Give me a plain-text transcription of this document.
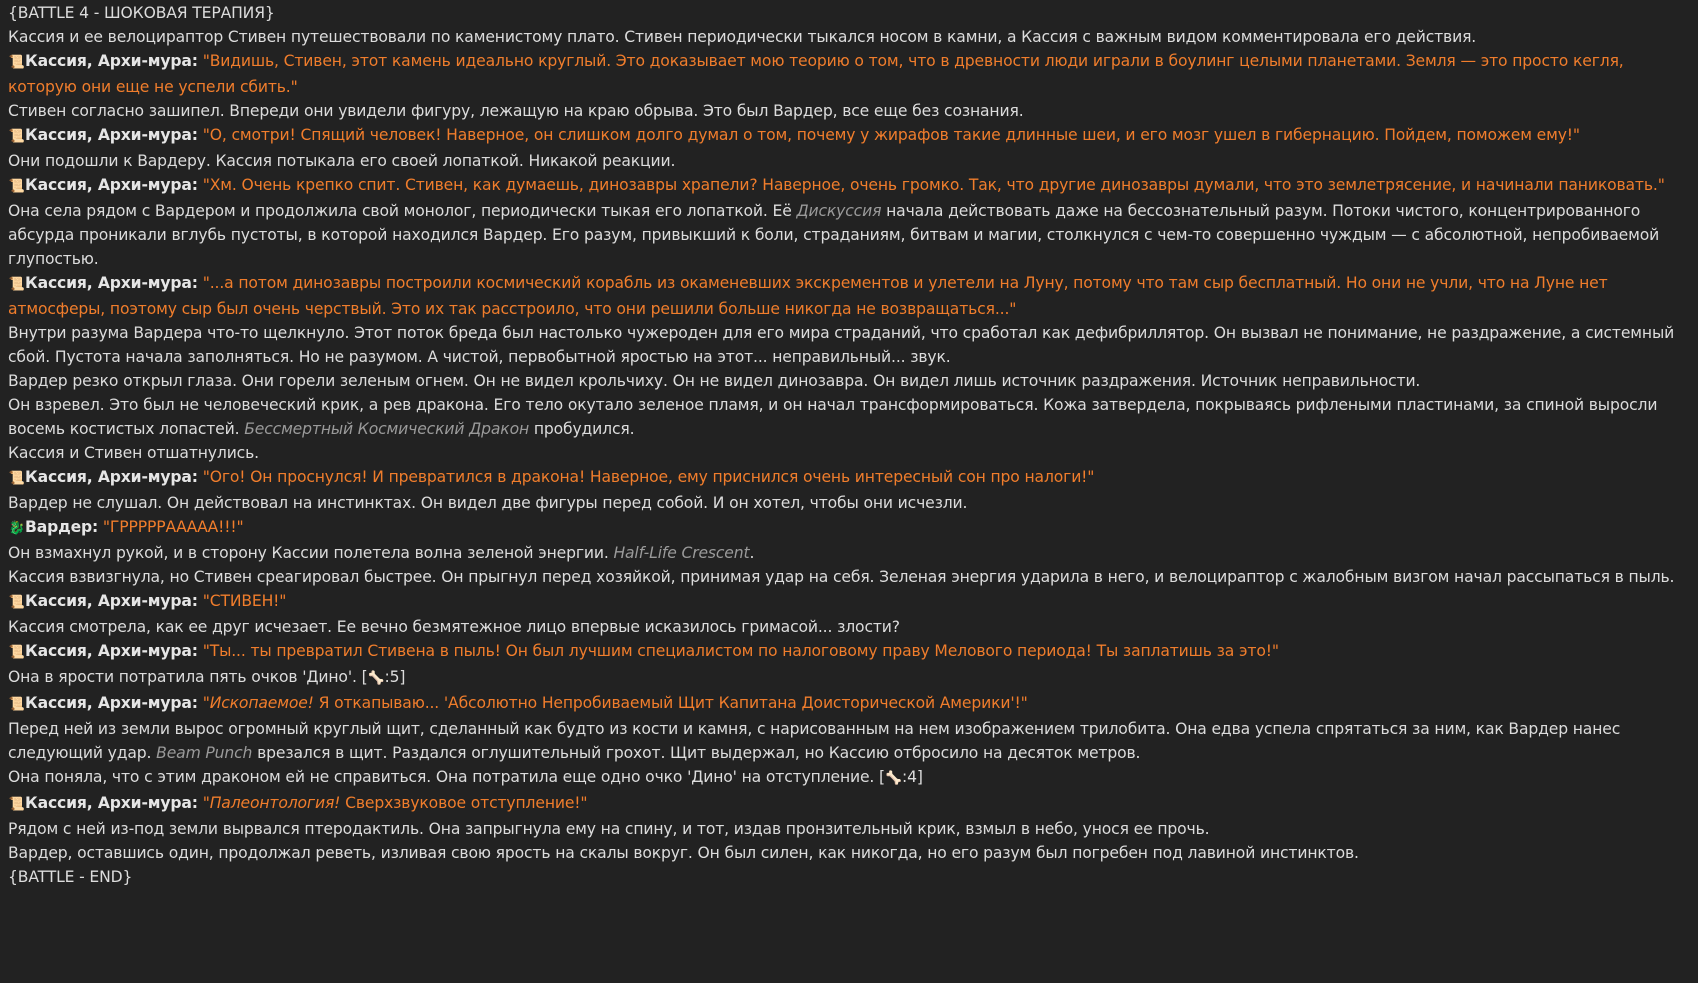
{BATTLE 4 - ШОКОВАЯ ТЕРАПИЯ}
Кассия и ее велоцираптор Стивен путешествовали по каменистому плато. Стивен периодически тыкался носом в камни, а Кассия с важным видом комментировала его действия.
📜Кассия, Архи-мура: "Видишь, Стивен, этот камень идеально круглый. Это доказывает мою теорию о том, что в древности люди играли в боулинг целыми планетами. Земля — это просто кегля, которую они еще не успели сбить."
Стивен согласно зашипел. Впереди они увидели фигуру, лежащую на краю обрыва. Это был Вардер, все еще без сознания.
📜Кассия, Архи-мура: "О, смотри! Спящий человек! Наверное, он слишком долго думал о том, почему у жирафов такие длинные шеи, и его мозг ушел в гибернацию. Пойдем, поможем ему!"
Они подошли к Вардеру. Кассия потыкала его своей лопаткой. Никакой реакции.
📜Кассия, Архи-мура: "Хм. Очень крепко спит. Стивен, как думаешь, динозавры храпели? Наверное, очень громко. Так, что другие динозавры думали, что это землетрясение, и начинали паниковать."
Она села рядом с Вардером и продолжила свой монолог, периодически тыкая его лопаткой. Её Дискуссия начала действовать даже на бессознательный разум. Потоки чистого, концентрированного абсурда проникали вглубь пустоты, в которой находился Вардер. Его разум, привыкший к боли, страданиям, битвам и магии, столкнулся с чем-то совершенно чуждым — с абсолютной, непробиваемой глупостью.
📜Кассия, Архи-мура: "...а потом динозавры построили космический корабль из окаменевших экскрементов и улетели на Луну, потому что там сыр бесплатный. Но они не учли, что на Луне нет атмосферы, поэтому сыр был очень черствый. Это их так расстроило, что они решили больше никогда не возвращаться..."
Внутри разума Вардера что-то щелкнуло. Этот поток бреда был настолько чужероден для его мира страданий, что сработал как дефибриллятор. Он вызвал не понимание, не раздражение, а системный сбой. Пустота начала заполняться. Но не разумом. А чистой, первобытной яростью на этот... неправильный... звук.
Вардер резко открыл глаза. Они горели зеленым огнем. Он не видел крольчиху. Он не видел динозавра. Он видел лишь источник раздражения. Источник неправильности.
Он взревел. Это был не человеческий крик, а рев дракона. Его тело окутало зеленое пламя, и он начал трансформироваться. Кожа затвердела, покрываясь рифлеными пластинами, за спиной выросли восемь костистых лопастей. Бессмертный Космический Дракон пробудился.
Кассия и Стивен отшатнулись.
📜Кассия, Архи-мура: "Ого! Он проснулся! И превратился в дракона! Наверное, ему приснился очень интересный сон про налоги!"
Вардер не слушал. Он действовал на инстинктах. Он видел две фигуры перед собой. И он хотел, чтобы они исчезли.
🐉Вардер: "ГРРРРРААААА!!!"
Он взмахнул рукой, и в сторону Кассии полетела волна зеленой энергии. Half-Life Crescent.
Кассия взвизгнула, но Стивен среагировал быстрее. Он прыгнул перед хозяйкой, принимая удар на себя. Зеленая энергия ударила в него, и велоцираптор с жалобным визгом начал рассыпаться в пыль.
📜Кассия, Архи-мура: "СТИВЕН!"
Кассия смотрела, как ее друг исчезает. Ее вечно безмятежное лицо впервые исказилось гримасой... злости?
📜Кассия, Архи-мура: "Ты... ты превратил Стивена в пыль! Он был лучшим специалистом по налоговому праву Мелового периода! Ты заплатишь за это!"
Она в ярости потратила пять очков 'Дино'. [🦴:5]
📜Кассия, Архи-мура: "Ископаемое! Я откапываю... 'Абсолютно Непробиваемый Щит Капитана Доисторической Америки'!"
Перед ней из земли вырос огромный круглый щит, сделанный как будто из кости и камня, с нарисованным на нем изображением трилобита. Она едва успела спрятаться за ним, как Вардер нанес следующий удар. Beam Punch врезался в щит. Раздался оглушительный грохот. Щит выдержал, но Кассию отбросило на десяток метров.
Она поняла, что с этим драконом ей не справиться. Она потратила еще одно очко 'Дино' на отступление. [🦴:4]
📜Кассия, Архи-мура: "Палеонтология! Сверхзвуковое отступление!"
Рядом с ней из-под земли вырвался птеродактиль. Она запрыгнула ему на спину, и тот, издав пронзительный крик, взмыл в небо, унося ее прочь.
Вардер, оставшись один, продолжал реветь, изливая свою ярость на скалы вокруг. Он был силен, как никогда, но его разум был погребен под лавиной инстинктов.
{BATTLE - END}
